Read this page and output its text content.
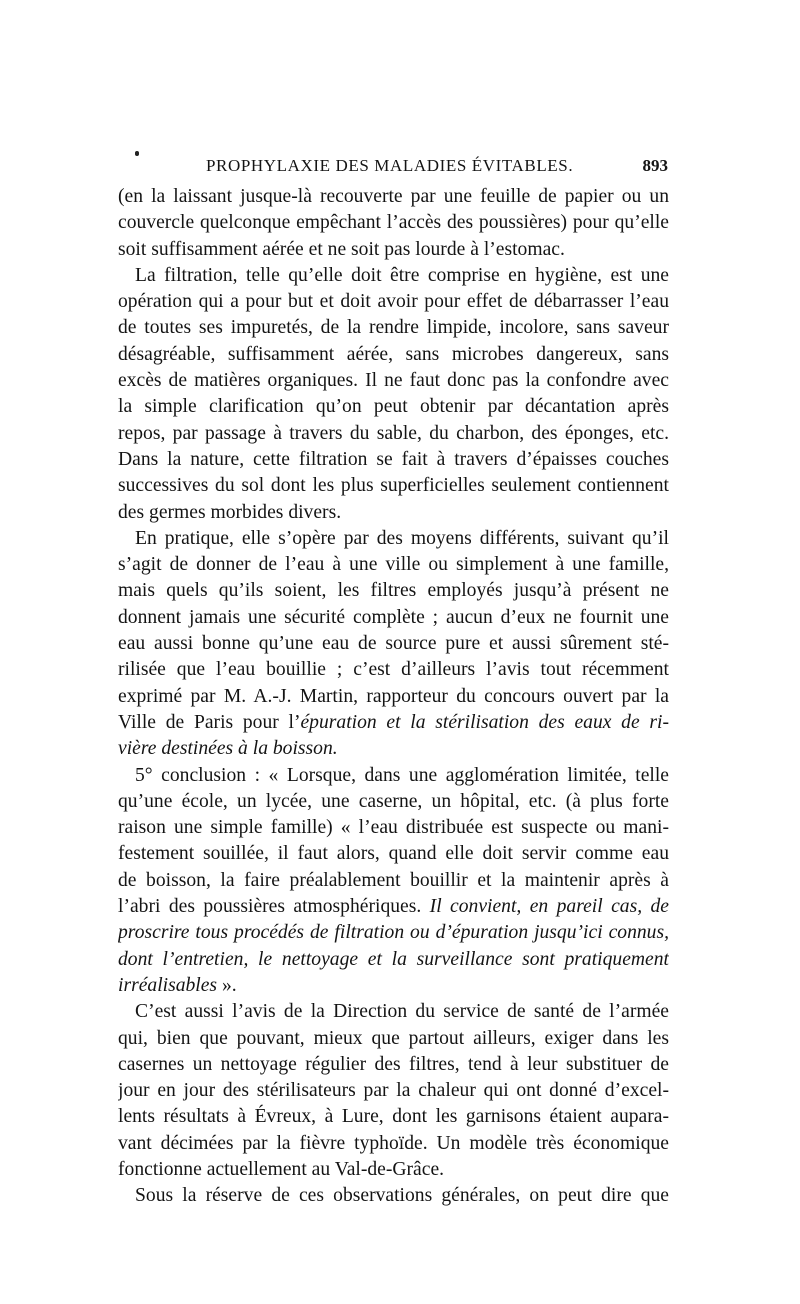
PROPHYLAXIE DES MALADIES ÉVITABLES.	893
(en la laissant jusque-là recouverte par une feuille de papier ou un
couvercle quelconque empêchant l’accès des poussières) pour qu’elle
soit suffisamment aérée et ne soit pas lourde à l’estomac.
La filtration, telle qu’elle doit être comprise en hygiène, est une
opération qui a pour but et doit avoir pour effet de débarrasser l’eau
de toutes ses impuretés, de la rendre limpide, incolore, sans saveur
désagréable, suffisamment aérée, sans microbes dangereux, sans
excès de matières organiques. Il ne faut donc pas la confondre avec
la simple clarification qu’on peut obtenir par décantation après
repos, par passage à travers du sable, du charbon, des éponges, etc.
Dans la nature, cette filtration se fait à travers d’épaisses couches
successives du sol dont les plus superficielles seulement contiennent
des germes morbides divers.
En pratique, elle s’opère par des moyens différents, suivant qu’il
s’agit de donner de l’eau à une ville ou simplement à une famille,
mais quels qu’ils soient, les filtres employés jusqu’à présent ne
donnent jamais une sécurité complète ; aucun d’eux ne fournit une
eau aussi bonne qu’une eau de source pure et aussi sûrement sté-
rilisée que l’eau bouillie ; c’est d’ailleurs l’avis tout récemment
exprimé par M. A.-J. Martin, rapporteur du concours ouvert par la
Ville de Paris pour l’épuration et la stérilisation des eaux de ri-
vière destinées à la boisson.
5° conclusion : « Lorsque, dans une agglomération limitée, telle
qu’une école, un lycée, une caserne, un hôpital, etc. (à plus forte
raison une simple famille) « l’eau distribuée est suspecte ou mani-
festement souillée, il faut alors, quand elle doit servir comme eau
de boisson, la faire préalablement bouillir et la maintenir après à
l’abri des poussières atmosphériques. Il convient, en pareil cas, de
proscrire tous procédés de filtration ou d’épuration jusqu’ici connus,
dont l’entretien, le nettoyage et la surveillance sont pratiquement
irréalisables ».
C’est aussi l’avis de la Direction du service de santé de l’armée
qui, bien que pouvant, mieux que partout ailleurs, exiger dans les
casernes un nettoyage régulier des filtres, tend à leur substituer de
jour en jour des stérilisateurs par la chaleur qui ont donné d’excel-
lents résultats à Évreux, à Lure, dont les garnisons étaient aupara-
vant décimées par la fièvre typhoïde. Un modèle très économique
fonctionne actuellement au Val-de-Grâce.
Sous la réserve de ces observations générales, on peut dire que
